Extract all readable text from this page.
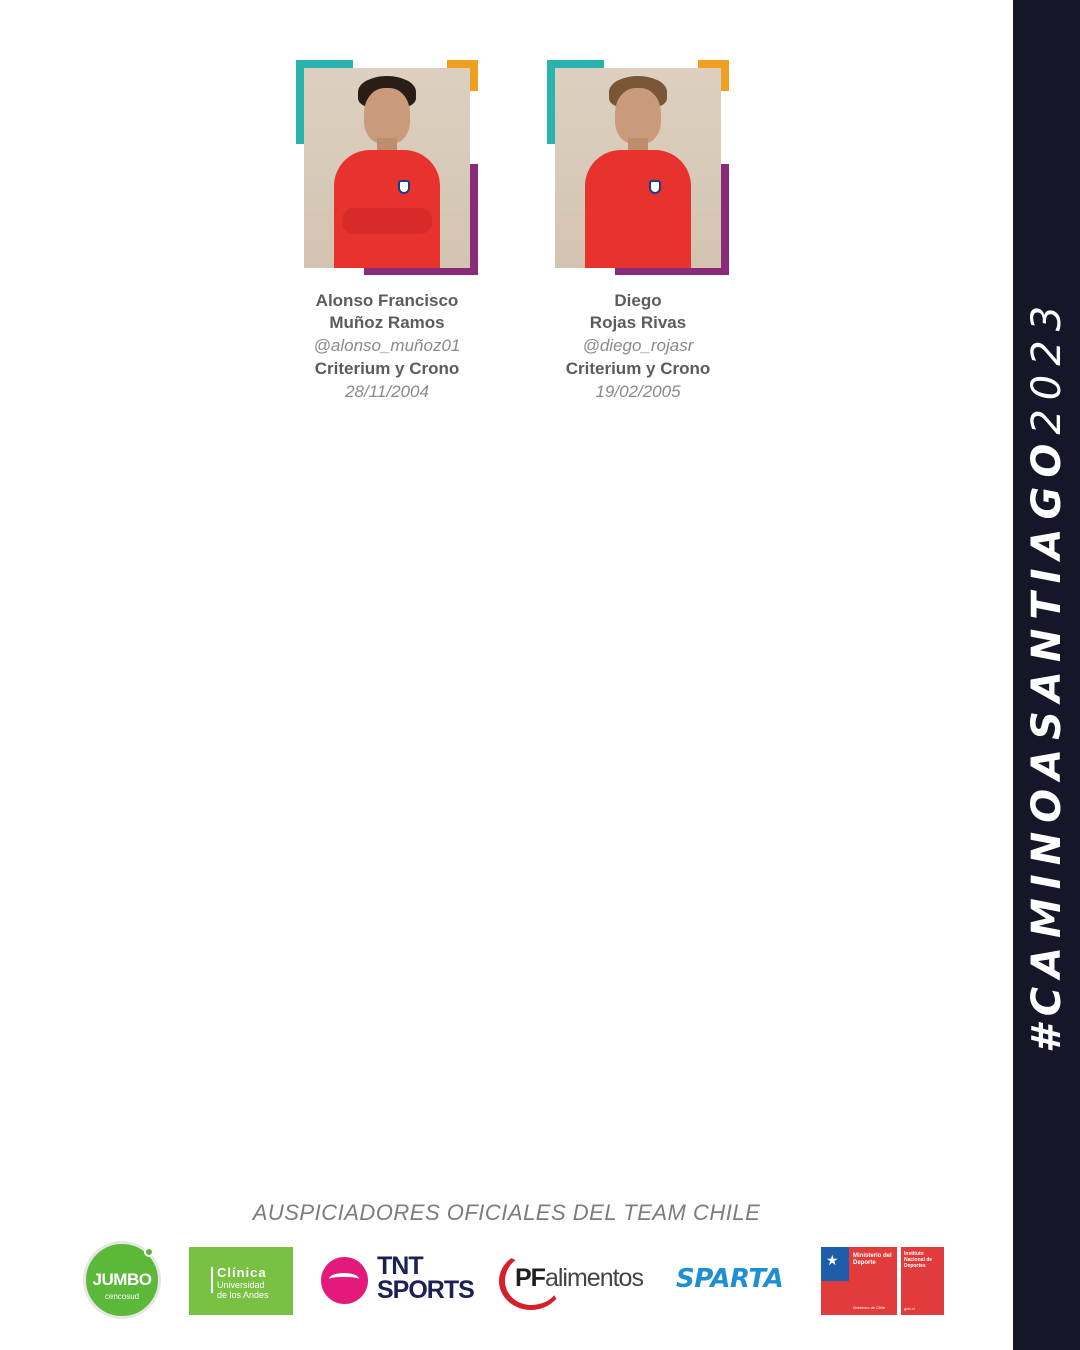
Alonso Francisco
Muñoz Ramos
@alonso_muñoz01
Criterium y Crono
28/11/2004
Diego
Rojas Rivas
@diego_rojasr
Criterium y Crono
19/02/2005
AUSPICIADORES OFICIALES DEL TEAM CHILE
JUMBO
cencosud
Clínica
Universidad
de los Andes
TNT
SPORTS PFalimentos SPARTA
★ Ministerio del
Deporte
Gobierno de Chile
Instituto
Nacional de
Deportes
gob.cl
#CAMINOASANTIAGO2023
